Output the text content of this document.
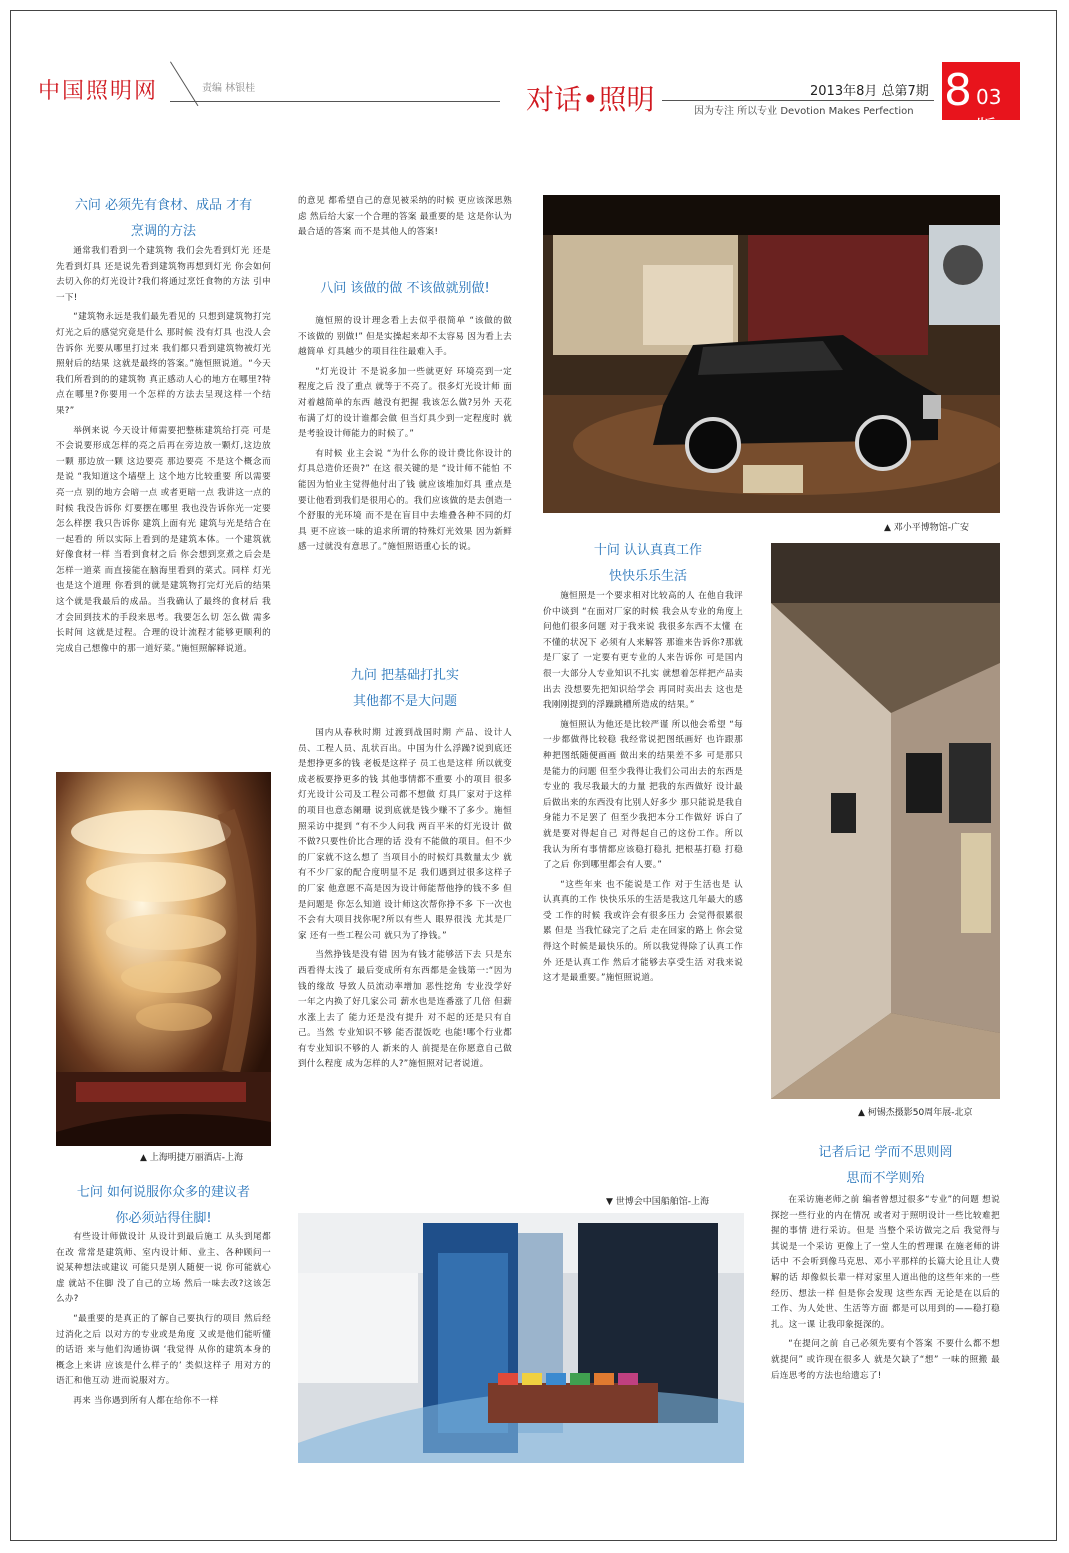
中国照明网	责编 林银桂	对话•照明	2013年8月 总第7期
因为专注 所以专业 Devotion Makes Perfection 8 03版
六问 必须先有食材、成品 才有
烹调的方法

通常我们看到一个建筑物 我们会先看到灯光 还是先看到灯具 还是说先看到建筑物再想到灯光 你会如何去切入你的灯光设计?我们将通过烹饪食物的方法 引申一下!

“建筑物永远是我们最先看见的 只想到建筑物打完灯光之后的感觉究竟是什么 那时候 没有灯具 也没人会告诉你 光要从哪里打过来 我们都只看到建筑物被灯光照射后的结果 这就是最终的答案。”施恒照说道。“今天我们所看到的的建筑物 真正感动人心的地方在哪里?特点在哪里?你要用一个怎样的方法去呈现这样一个结果?”

举例来说 今天设计师需要把整栋建筑给打亮 可是不会说要形成怎样的亮之后再在旁边放一颗灯,这边放一颗 那边放一颗 这边要亮 那边要亮 不是这个概念而是说 “我知道这个墙壁上 这个地方比较重要 所以需要亮一点 别的地方会暗一点 或者更暗一点 我讲这一点的时候 我没告诉你 灯要摆在哪里 我也没告诉你光一定要怎么样摆 我只告诉你 建筑上面有光 建筑与光是结合在一起看的 所以实际上看到的是建筑本体。一个建筑就好像食材一样 当看到食材之后 你会想到烹煮之后会是怎样一道菜 而直接能在脑海里看到的菜式。同样 灯光也是这个道理 你看到的就是建筑物打完灯光后的结果 这个就是我最后的成品。当我确认了最终的食材后 我才会回到技术的手段来思考。我要怎么切 怎么做 需多长时间 这就是过程。合理的设计流程才能够更顺利的完成自己想像中的那一道好菜。”施恒照解释说道。

▲ 上海明捷万丽酒店-上海
七问 如何说服你众多的建议者
你必须站得住脚!

有些设计师做设计 从设计到最后施工 从头到尾都在改 常常是建筑师、室内设计师、业主、各种顾问一说某种想法或建议 可能只是别人随便一说 你可能就心虚 就站不住脚 没了自己的立场 然后一味去改?这该怎么办?

“最重要的是真正的了解自己要执行的项目 然后经过消化之后 以对方的专业或是角度 又或是他们能听懂的话语 来与他们沟通协调 ‘我觉得 从你的建筑本身的概念上来讲 应该是什么样子的’ 类似这样子 用对方的语汇和他互动 进而说服对方。

再来 当你遇到所有人都在给你不一样

的意见 都希望自己的意见被采纳的时候 更应该深思熟虑 然后给大家一个合理的答案 最重要的是 这是你认为最合适的答案 而不是其他人的答案!

八问 该做的做 不该做就别做!

施恒照的设计理念看上去似乎很简单 “该做的做 不该做的 别做!” 但是实操起来却不太容易 因为看上去越简单 灯具越少的项目往往最难入手。

“灯光设计 不是说多加一些就更好 环境亮到一定程度之后 没了重点 就等于不亮了。很多灯光设计师 面对着越简单的东西 越没有把握 我该怎么做?另外 天花布满了灯的设计谁都会做 但当灯具少到一定程度时 就是考验设计师能力的时候了。”

有时候 业主会说 “为什么你的设计费比你设计的灯具总造价还贵?” 在这 很关键的是 “设计师不能怕 不能因为怕业主觉得他付出了钱 就应该堆加灯具 重点是要让他看到我们是很用心的。我们应该做的是去创造一个舒服的光环境 而不是在盲目中去堆叠各种不同的灯具 更不应该一味的追求所谓的特殊灯光效果 因为新鲜感一过就没有意思了。”施恒照语重心长的说。

九问 把基础打扎实
其他都不是大问题

国内从春秋时期 过渡到战国时期 产品、设计人员、工程人员、乱状百出。中国为什么浮躁?说到底还是想挣更多的钱 老板是这样子 员工也是这样 所以就变成老板要挣更多的钱 其他事情都不重要 小的项目 很多灯光设计公司及工程公司都不想做 灯具厂家对于这样的项目也意态阑珊 说到底就是钱少赚不了多少。施恒照采访中提到 “有不少人问我 两百平米的灯光设计 做不做?只要性价比合理的话 没有不能做的项目。但不少的厂家就不这么想了 当项目小的时候灯具数量太少 就有不少厂家的配合度明显不足 我们遇到过很多这样子的厂家 他意愿不高是因为设计师能帮他挣的钱不多 但是问题是 你怎么知道 设计师这次帮你挣不多 下一次也不会有大项目找你呢?所以有些人 眼界很浅 尤其是厂家 还有一些工程公司 就只为了挣钱。”

当然挣钱是没有错 因为有钱才能够活下去 只是东西看得太浅了 最后变成所有东西都是金钱第一:“因为钱的缘故 导致人员流动率增加 恶性挖角 专业没学好 一年之内换了好几家公司 薪水也是连番涨了几倍 但薪水涨上去了 能力还是没有提升 对不起的还是只有自己。当然 专业知识不够 能否混饭吃 也能!哪个行业都有专业知识不够的人 新来的人 前提是在你愿意自己做到什么程度 成为怎样的人?”施恒照对记者说道。

▲ 邓小平博物馆-广安
十问 认认真真工作
快快乐乐生活

施恒照是一个要求相对比较高的人 在他自我评价中谈到 “在面对厂家的时候 我会从专业的角度上问他们很多问题 对于我来说 我很多东西不太懂 在不懂的状况下 必须有人来解答 那谁来告诉你?那就是厂家了 一定要有更专业的人来告诉你 可是国内很一大部分人专业知识不扎实 就想着怎样把产品卖出去 没想要先把知识给学会 再同时卖出去 这也是我刚刚提到的浮躁跳槽所造成的结果。”

施恒照认为他还是比较严谨 所以他会希望 “每一步都做得比较稳 我经常说把图纸画好 也许跟那种把图纸随便画画 做出来的结果差不多 可是那只是能力的问题 但至少我得让我们公司出去的东西是专业的 我尽我最大的力量 把我的东西做好 设计最后做出来的东西没有比别人好多少 那只能说是我自身能力不足罢了 但至少我把本分工作做好 诉白了 就是要对得起自己 对得起自己的这份工作。所以 我认为所有事情都应该稳打稳扎 把根基打稳 打稳了之后 你到哪里都会有人要。”

“这些年来 也不能说是工作 对于生活也是 认认真真的工作 快快乐乐的生活是我这几年最大的感受 工作的时候 我或许会有很多压力 会觉得很累很累 但是 当我忙碌完了之后 走在回家的路上 你会觉得这个时候是最快乐的。所以我觉得除了认真工作外 还是认真工作 然后才能够去享受生活 对我来说这才是最重要。”施恒照说道。

▲ 柯锡杰摄影50周年展-北京
▼ 世博会中国船舶馆-上海
记者后记 学而不思则罔
思而不学则殆

在采访施老师之前 编者曾想过很多“专业”的问题 想说探挖一些行业的内在情况 或者对于照明设计一些比较难把握的事情 进行采访。但是 当整个采访做完之后 我觉得与其说是一个采访 更像上了一堂人生的哲理课 在施老师的讲话中 不会听到像马克思、邓小平那样的长篇大论且让人费解的话 却像似长辈一样对家里人道出他的这些年来的一些经历、想法一样 但是你会发现 这些东西 无论是在以后的工作、为人处世、生活等方面 都是可以用到的——稳打稳扎。这一课 让我印象挺深的。

“在提问之前 自己必须先要有个答案 不要什么都不想就提问” 或许现在很多人 就是欠缺了“想” 一味的照搬 最后连思考的方法也给遗忘了!
